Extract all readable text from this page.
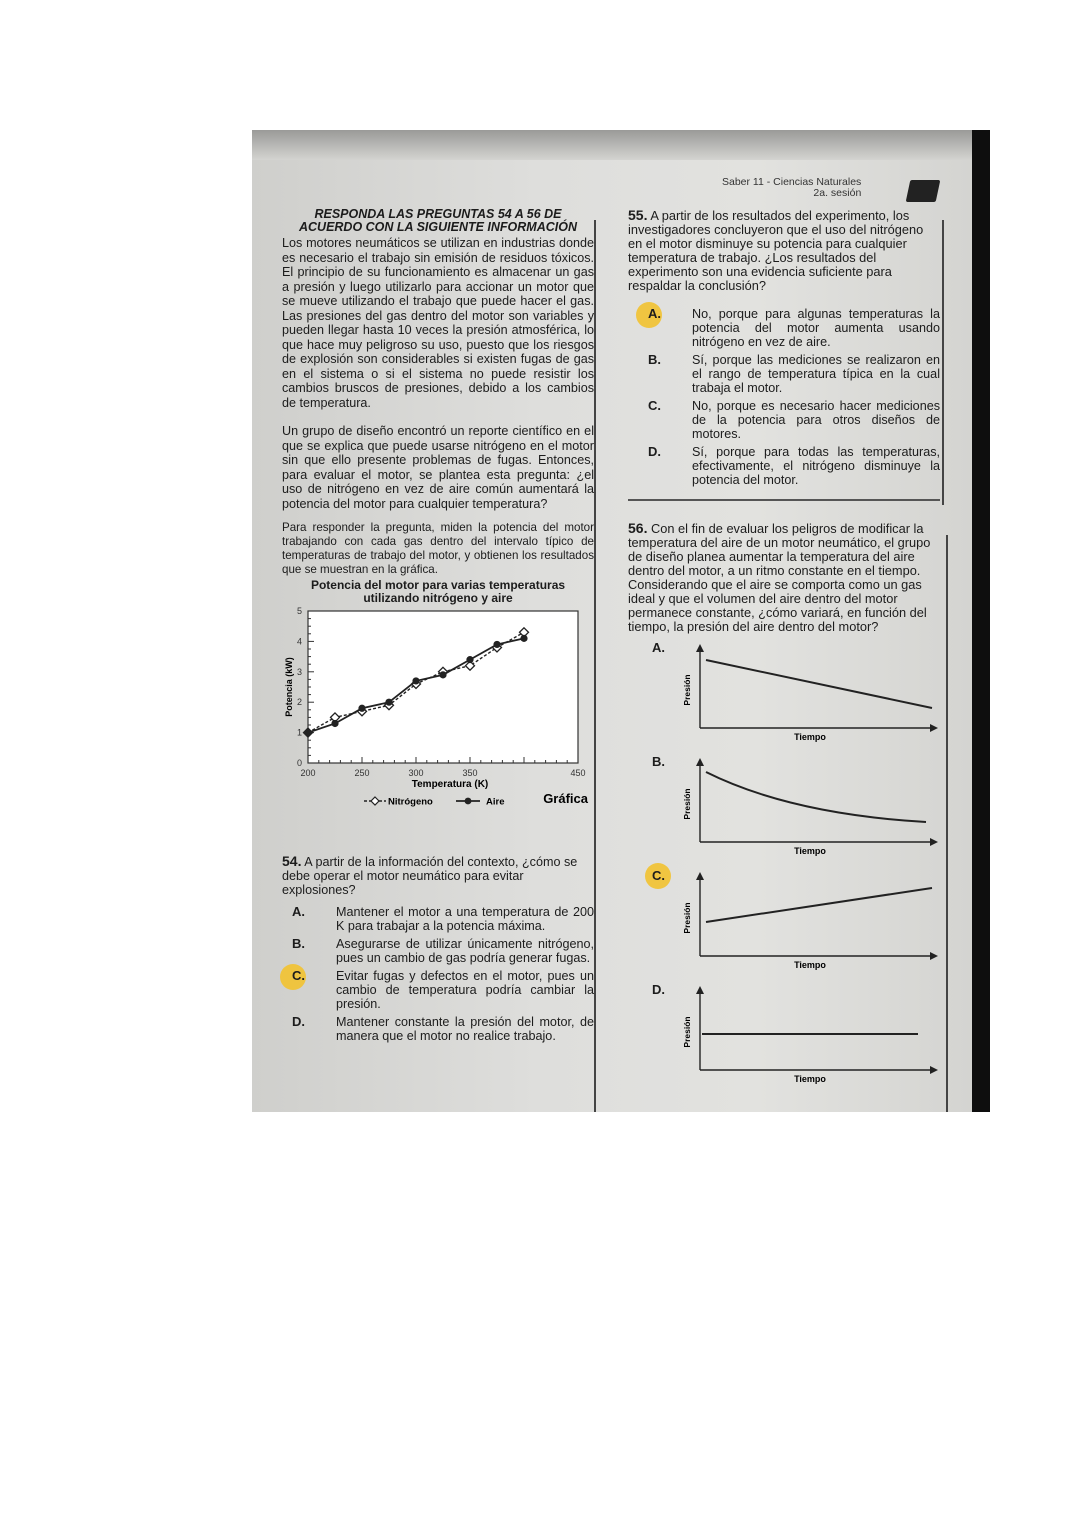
Saber 11 - Ciencias Naturales
2a. sesión
RESPONDA LAS PREGUNTAS 54 A 56 DE ACUERDO CON LA SIGUIENTE INFORMACIÓN

Los motores neumáticos se utilizan en industrias donde es necesario el trabajo sin emisión de residuos tóxicos. El principio de su funcionamiento es almacenar un gas a presión y luego utilizarlo para accionar un motor que se mueve utilizando el trabajo que puede hacer el gas. Las presiones del gas dentro del motor son variables y pueden llegar hasta 10 veces la presión atmosférica, lo que hace muy peligroso su uso, puesto que los riesgos de explosión son considerables si existen fugas de gas en el sistema o si el sistema no puede resistir los cambios bruscos de presiones, debido a los cambios de temperatura.

Un grupo de diseño encontró un reporte científico en el que se explica que puede usarse nitrógeno en el motor sin que ello presente problemas de fugas. Entonces, para evaluar el motor, se plantea esta pregunta: ¿el uso de nitrógeno en vez de aire común aumentará la potencia del motor para cualquier temperatura?

Para responder la pregunta, miden la potencia del motor trabajando con cada gas dentro del intervalo típico de temperaturas de trabajo del motor, y obtienen los resultados que se muestran en la gráfica.

Potencia del motor para varias temperaturas utilizando nitrógeno y aire
200	250	300	350	450
0
1
2
3
4
5
Potencia (kW)
Temperatura (K)
Nitrógeno	Aire	Gráfica
54. A partir de la información del contexto, ¿cómo se debe operar el motor neumático para evitar explosiones?
A.	Mantener el motor a una temperatura de 200 K para trabajar a la potencia máxima.
B.	Asegurarse de utilizar únicamente nitrógeno, pues un cambio de gas podría generar fugas.
C.	Evitar fugas y defectos en el motor, pues un cambio de temperatura podría cambiar la presión.
D.	Mantener constante la presión del motor, de manera que el motor no realice trabajo.
55. A partir de los resultados del experimento, los investigadores concluyeron que el uso del nitrógeno en el motor disminuye su potencia para cualquier temperatura de trabajo. ¿Los resultados del experimento son una evidencia suficiente para respaldar la conclusión?
A.	No, porque para algunas temperaturas la potencia del motor aumenta usando nitrógeno en vez de aire.
B.	Sí, porque las mediciones se realizaron en el rango de temperatura típica en la cual trabaja el motor.
C.	No, porque es necesario hacer mediciones de la potencia para otros diseños de motores.
D.	Sí, porque para todas las temperaturas, efectivamente, el nitrógeno disminuye la potencia del motor.
56. Con el fin de evaluar los peligros de modificar la temperatura del aire de un motor neumático, el grupo de diseño planea aumentar la temperatura del aire dentro del motor, a un ritmo constante en el tiempo. Considerando que el aire se comporta como un gas ideal y que el volumen del aire dentro del motor permanece constante, ¿cómo variará, en función del tiempo, la presión del aire dentro del motor?
A.
Presión
Tiempo
B.
Presión
Tiempo
C.
Presión
Tiempo
D.
Presión
Tiempo
